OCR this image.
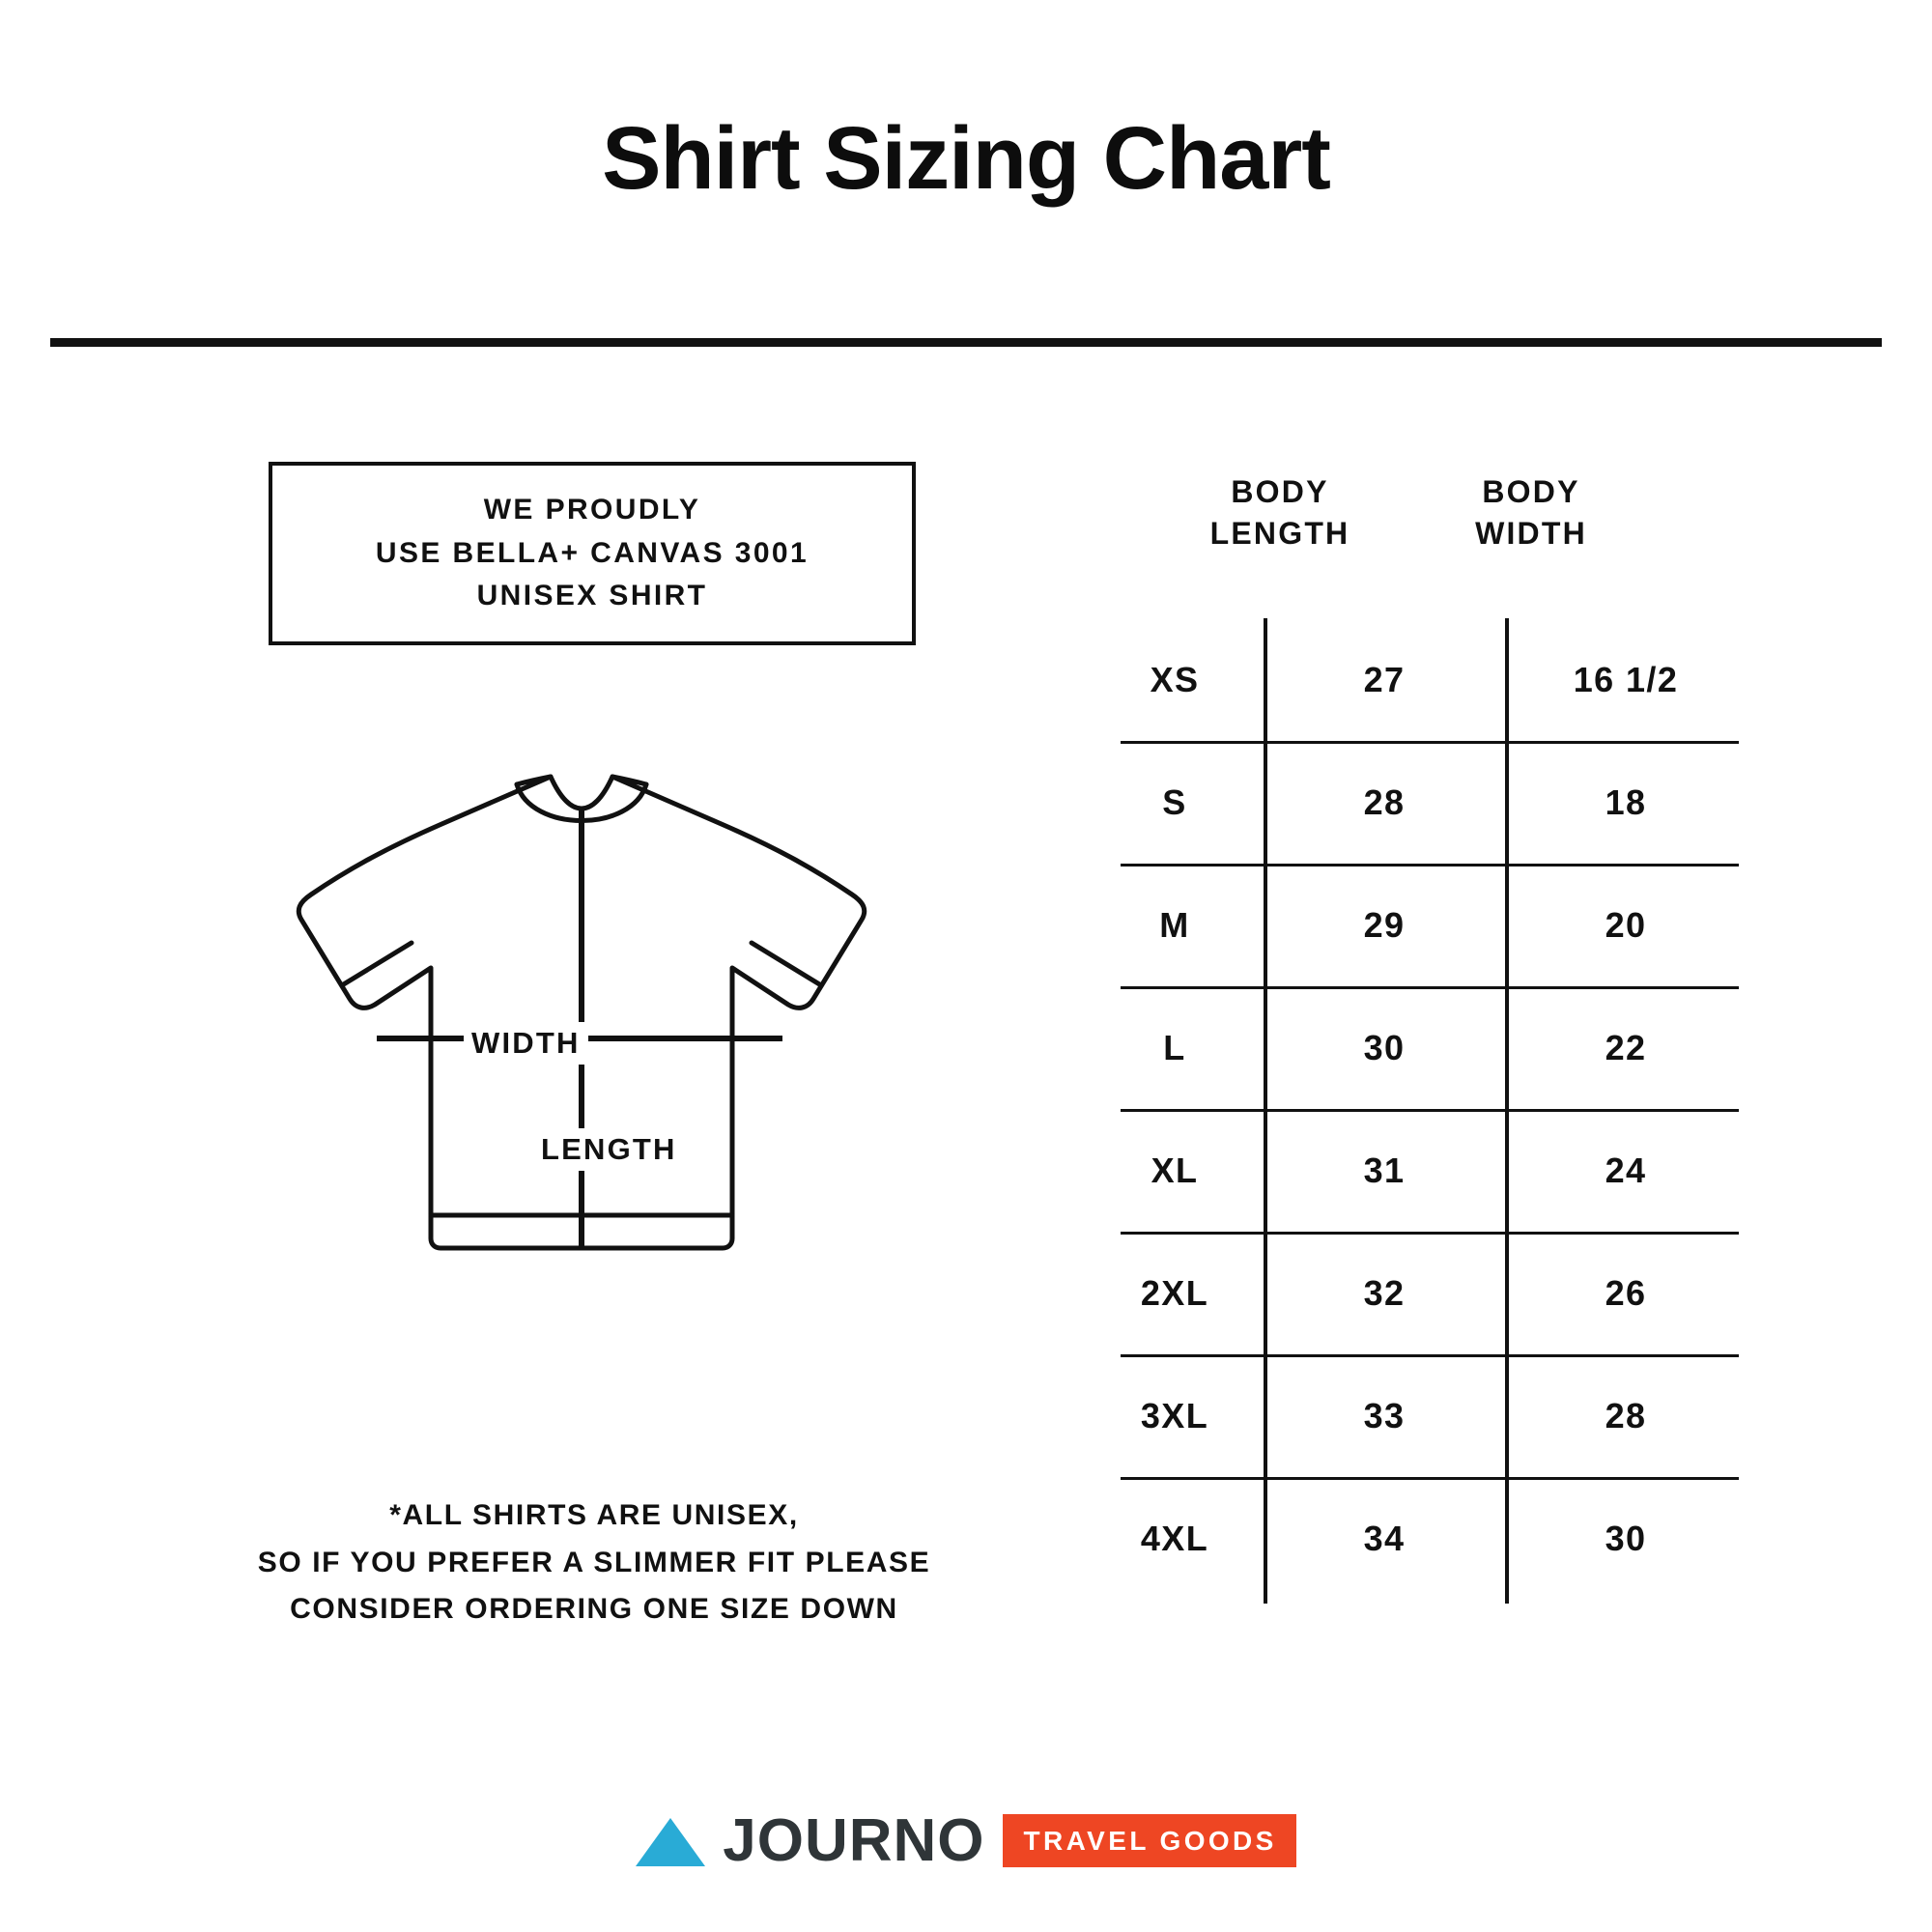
Shirt Sizing Chart
WE PROUDLY
USE BELLA+ CANVAS 3001
UNISEX SHIRT
WIDTH
LENGTH
*ALL SHIRTS ARE UNISEX,
SO IF YOU PREFER A SLIMMER FIT PLEASE
CONSIDER ORDERING ONE SIZE DOWN
BODY
LENGTH
BODY
WIDTH
XS	27	16 1/2
S	28	18
M	29	20
L	30	22
XL	31	24
2XL	32	26
3XL	33	28
4XL	34	30
JOURNO	TRAVEL GOODS
